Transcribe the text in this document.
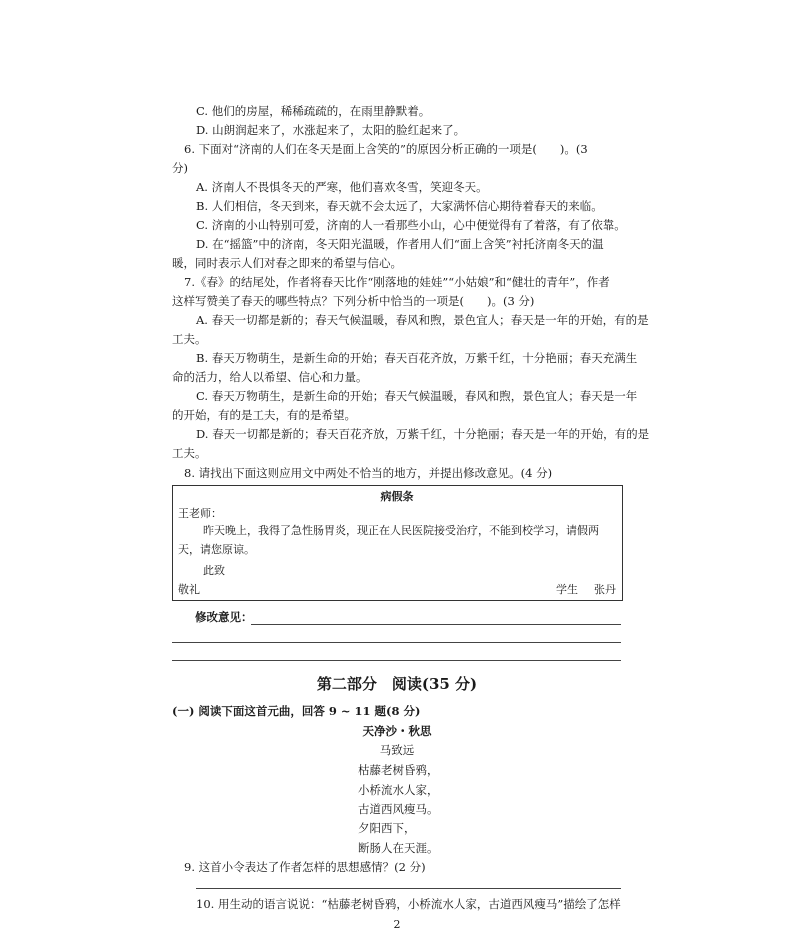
C. 他们的房屋，稀稀疏疏的，在雨里静默着。
D. 山朗润起来了，水涨起来了，太阳的脸红起来了。
6. 下面对“济南的人们在冬天是面上含笑的”的原因分析正确的一项是(　　)。(3
分)
A. 济南人不畏惧冬天的严寒，他们喜欢冬雪，笑迎冬天。
B. 人们相信，冬天到来，春天就不会太远了，大家满怀信心期待着春天的来临。
C. 济南的小山特别可爱，济南的人一看那些小山，心中便觉得有了着落，有了依靠。
D. 在“摇篮”中的济南，冬天阳光温暖，作者用人们“面上含笑”衬托济南冬天的温
暖，同时表示人们对春之即来的希望与信心。
7.《春》的结尾处，作者将春天比作“刚落地的娃娃”“小姑娘”和“健壮的青年”，作者
这样写赞美了春天的哪些特点？下列分析中恰当的一项是(　　)。(3 分)
A. 春天一切都是新的；春天气候温暖，春风和煦，景色宜人；春天是一年的开始，有的是
工夫。
B. 春天万物萌生，是新生命的开始；春天百花齐放，万紫千红，十分艳丽；春天充满生
命的活力，给人以希望、信心和力量。
C. 春天万物萌生，是新生命的开始；春天气候温暖，春风和煦，景色宜人；春天是一年
的开始，有的是工夫，有的是希望。
D. 春天一切都是新的；春天百花齐放，万紫千红，十分艳丽；春天是一年的开始，有的是
工夫。
8. 请找出下面这则应用文中两处不恰当的地方，并提出修改意见。(4 分)
病假条
王老师：
昨天晚上，我得了急性肠胃炎，现正在人民医院接受治疗，不能到校学习，请假两
天，请您原谅。
此致
敬礼	学生 张丹
修改意见：
第二部分　阅读(35 分)
(一) 阅读下面这首元曲，回答 9 ~ 11 题(8 分)
天净沙・秋思
马致远
枯藤老树昏鸦，
小桥流水人家，
古道西风瘦马。
夕阳西下，
断肠人在天涯。
9. 这首小令表达了作者怎样的思想感情？(2 分)
10. 用生动的语言说说：“枯藤老树昏鸦，小桥流水人家，古道西风瘦马”描绘了怎样
2
